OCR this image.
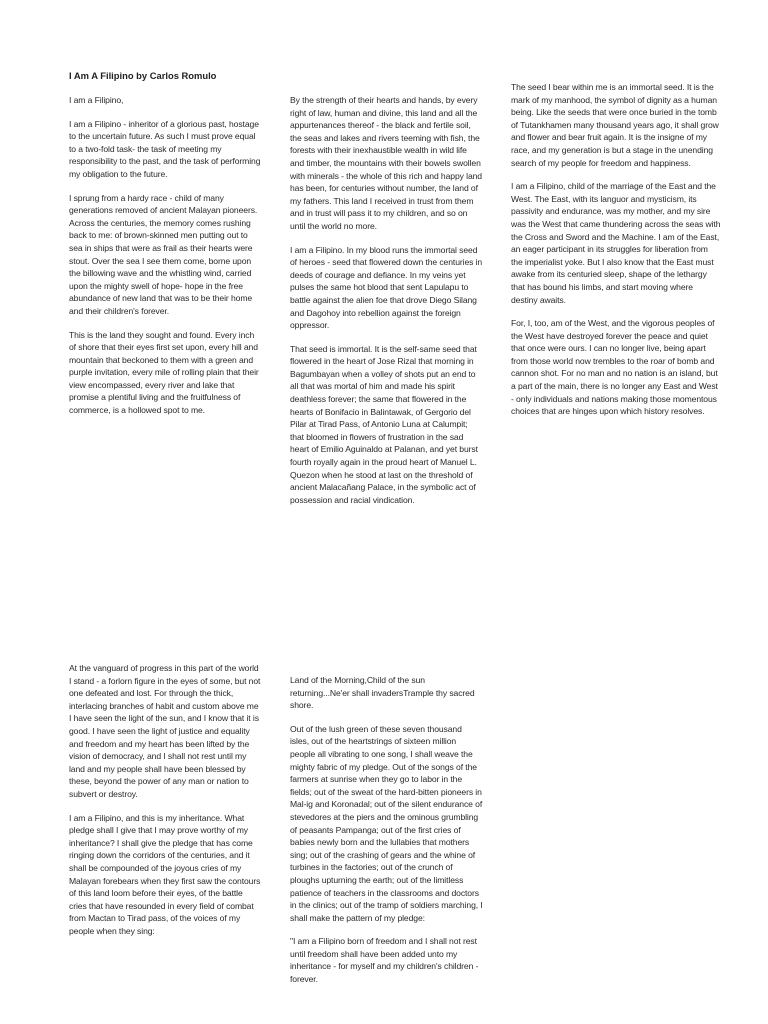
I Am A Filipino by Carlos Romulo

I am a Filipino,

I am a Filipino - inheritor of a glorious past, hostage to the uncertain future. As such I must prove equal to a two-fold task- the task of meeting my responsibility to the past, and the task of performing my obligation to the future.

I sprung from a hardy race - child of many generations removed of ancient Malayan pioneers. Across the centuries, the memory comes rushing back to me: of brown-skinned men putting out to sea in ships that were as frail as their hearts were stout. Over the sea I see them come, borne upon the billowing wave and the whistling wind, carried upon the mighty swell of hope- hope in the free abundance of new land that was to be their home and their children's forever.

This is the land they sought and found. Every inch of shore that their eyes first set upon, every hill and mountain that beckoned to them with a green and purple invitation, every mile of rolling plain that their view encompassed, every river and lake that promise a plentiful living and the fruitfulness of commerce, is a hollowed spot to me.

By the strength of their hearts and hands, by every right of law, human and divine, this land and all the appurtenances thereof - the black and fertile soil, the seas and lakes and rivers teeming with fish, the forests with their inexhaustible wealth in wild life and timber, the mountains with their bowels swollen with minerals - the whole of this rich and happy land has been, for centuries without number, the land of my fathers. This land I received in trust from them and in trust will pass it to my children, and so on until the world no more.

I am a Filipino. In my blood runs the immortal seed of heroes - seed that flowered down the centuries in deeds of courage and defiance. In my veins yet pulses the same hot blood that sent Lapulapu to battle against the alien foe that drove Diego Silang and Dagohoy into rebellion against the foreign oppressor.

That seed is immortal. It is the self-same seed that flowered in the heart of Jose Rizal that morning in Bagumbayan when a volley of shots put an end to all that was mortal of him and made his spirit deathless forever; the same that flowered in the hearts of Bonifacio in Balintawak, of Gergorio del Pilar at Tirad Pass, of Antonio Luna at Calumpit; that bloomed in flowers of frustration in the sad heart of Emilio Aguinaldo at Palanan, and yet burst fourth royally again in the proud heart of Manuel L. Quezon when he stood at last on the threshold of ancient Malacañang Palace, in the symbolic act of possession and racial vindication.

The seed I bear within me is an immortal seed. It is the mark of my manhood, the symbol of dignity as a human being. Like the seeds that were once buried in the tomb of Tutankhamen many thousand years ago, it shall grow and flower and bear fruit again. It is the insigne of my race, and my generation is but a stage in the unending search of my people for freedom and happiness.

I am a Filipino, child of the marriage of the East and the West. The East, with its languor and mysticism, its passivity and endurance, was my mother, and my sire was the West that came thundering across the seas with the Cross and Sword and the Machine. I am of the East, an eager participant in its struggles for liberation from the imperialist yoke. But I also know that the East must awake from its centuried sleep, shape of the lethargy that has bound his limbs, and start moving where destiny awaits.

For, I, too, am of the West, and the vigorous peoples of the West have destroyed forever the peace and quiet that once were ours. I can no longer live, being apart from those world now trembles to the roar of bomb and cannon shot. For no man and no nation is an island, but a part of the main, there is no longer any East and West - only individuals and nations making those momentous choices that are hinges upon which history resolves.

At the vanguard of progress in this part of the world I stand - a forlorn figure in the eyes of some, but not one defeated and lost. For through the thick, interlacing branches of habit and custom above me I have seen the light of the sun, and I know that it is good. I have seen the light of justice and equality and freedom and my heart has been lifted by the vision of democracy, and I shall not rest until my land and my people shall have been blessed by these, beyond the power of any man or nation to subvert or destroy.

I am a Filipino, and this is my inheritance. What pledge shall I give that I may prove worthy of my inheritance? I shall give the pledge that has come ringing down the corridors of the centuries, and it shall be compounded of the joyous cries of my Malayan forebears when they first saw the contours of this land loom before their eyes, of the battle cries that have resounded in every field of combat from Mactan to Tirad pass, of the voices of my people when they sing:

Land of the Morning,Child of the sun returning...Ne'er shall invadersTrample thy sacred shore.

Out of the lush green of these seven thousand isles, out of the heartstrings of sixteen million people all vibrating to one song, I shall weave the mighty fabric of my pledge. Out of the songs of the farmers at sunrise when they go to labor in the fields; out of the sweat of the hard-bitten pioneers in Mal-ig and Koronadal; out of the silent endurance of stevedores at the piers and the ominous grumbling of peasants Pampanga; out of the first cries of babies newly born and the lullabies that mothers sing; out of the crashing of gears and the whine of turbines in the factories; out of the crunch of ploughs upturning the earth; out of the limitless patience of teachers in the classrooms and doctors in the clinics; out of the tramp of soldiers marching, I shall make the pattern of my pledge:

"I am a Filipino born of freedom and I shall not rest until freedom shall have been added unto my inheritance - for myself and my children's children - forever.
